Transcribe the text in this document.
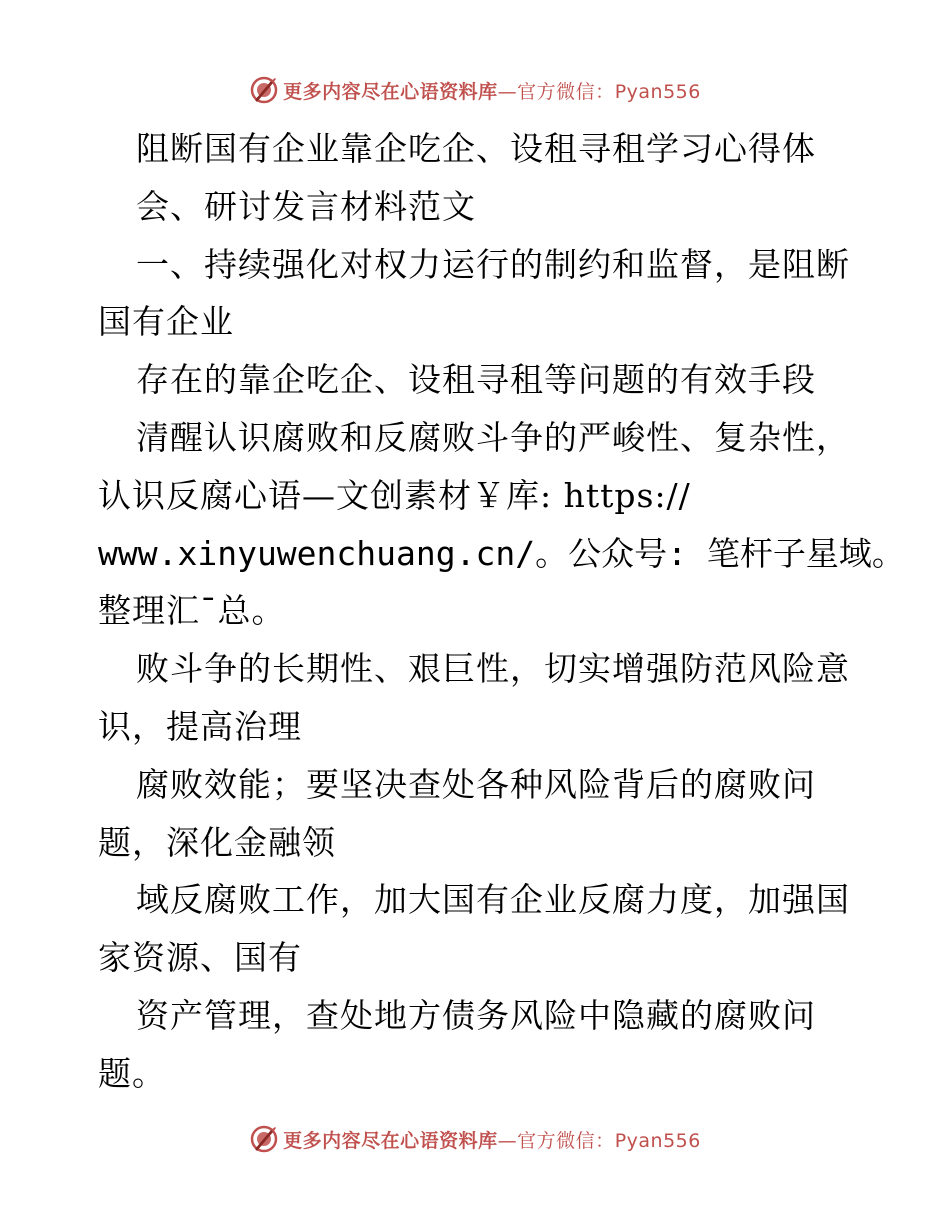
更多内容尽在心语资料库—官方微信：Pyan556
阻断国有企业靠企吃企、设租寻租学习心得体
会、研讨发言材料范文
一、持续强化对权力运行的制约和监督，是阻断
国有企业
存在的靠企吃企、设租寻租等问题的有效手段
清醒认识腐败和反腐败斗争的严峻性、复杂性，
认识反腐心语—文创素材￥库: https://
www.xinyuwenchuang.cn/。公众号: 笔杆子星域。
整理汇¯总。
败斗争的长期性、艰巨性，切实增强防范风险意
识，提高治理
腐败效能；要坚决查处各种风险背后的腐败问
题，深化金融领
域反腐败工作，加大国有企业反腐力度，加强国
家资源、国有
资产管理，查处地方债务风险中隐藏的腐败问
题。
更多内容尽在心语资料库—官方微信：Pyan556
